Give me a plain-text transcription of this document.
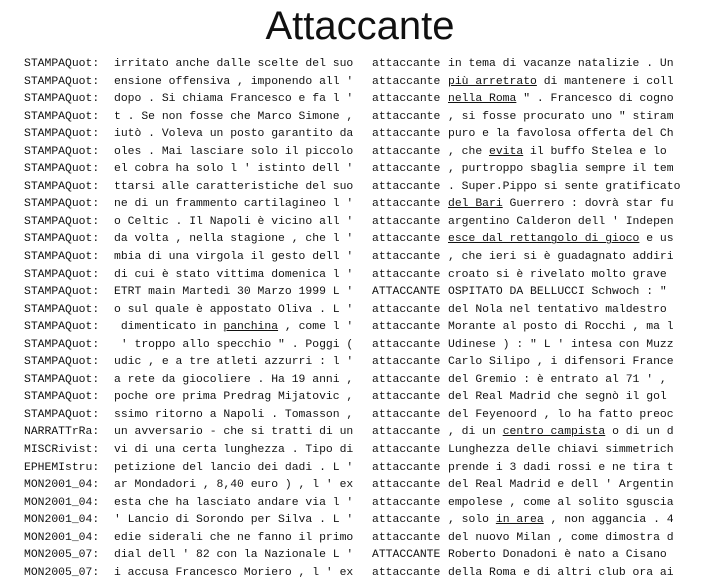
Attaccante
STAMPAQuot: irritato anche dalle scelte del suo attaccante in tema di vacanze natalizie . Un
STAMPAQuot: ensione offensiva , imponendo all ' attaccante più arretrato di mantenere i coll
STAMPAQuot: dopo . Si chiama Francesco e fa l ' attaccante nella Roma " . Francesco di cogno
STAMPAQuot: t . Se non fosse che Marco Simone , attaccante , si fosse procurato uno " stiram
STAMPAQuot: iutò . Voleva un posto garantito da attaccante puro e la favolosa offerta del Ch
STAMPAQuot: oles . Mai lasciare solo il piccolo attaccante , che evita il buffo Stelea e lo
STAMPAQuot: el cobra ha solo l ' istinto dell ' attaccante , purtroppo sbaglia sempre il tem
STAMPAQuot: ttarsi alle caratteristiche del suo attaccante . Super.Pippo si sente gratificato
STAMPAQuot: ne di un frammento cartilagineo l ' attaccante del Bari Guerrero : dovrà star fu
STAMPAQuot: o Celtic . Il Napoli è vicino all ' attaccante argentino Calderon dell ' Indepen
STAMPAQuot: da volta , nella stagione , che l ' attaccante esce dal rettangolo di gioco e us
STAMPAQuot: mbia di una virgola il gesto dell ' attaccante , che ieri si è guadagnato addiri
STAMPAQuot: di cui è stato vittima domenica l ' attaccante croato si è rivelato molto grave
STAMPAQuot: ETRT main Martedì 30 Marzo 1999 L ' ATTACCANTE OSPITATO DA BELLUCCI Schwoch : "
STAMPAQuot: o sul quale è appostato Oliva . L ' attaccante del Nola nel tentativo maldestro
STAMPAQuot: dimenticato in panchina , come l ' attaccante Morante al posto di Rocchi , ma l
STAMPAQuot: ' troppo allo specchio " . Poggi ( attaccante Udinese ) : " L ' intesa con Muzz
STAMPAQuot: udic , e a tre atleti azzurri : l ' attaccante Carlo Silipo , i difensori France
STAMPAQuot: a rete da giocoliere . Ha 19 anni , attaccante del Gremio : è entrato al 71 ' ,
STAMPAQuot: poche ore prima Predrag Mijatovic , attaccante del Real Madrid che segnò il gol
STAMPAQuot: ssimo ritorno a Napoli . Tomasson , attaccante del Feyenoord , lo ha fatto preoc
NARRATTrRa: un avversario - che si tratti di un attaccante , di un centro campista o di un d
MISCRivist: vi di una certa lunghezza . Tipo di attaccante Lunghezza delle chiavi simmetrich
EPHEMIstru: petizione del lancio dei dadi . L ' attaccante prende i 3 dadi rossi e ne tira t
MON2001_04: ar Mondadori , 8,40 euro ) , l ' ex attaccante del Real Madrid e dell ' Argentin
MON2001_04: esta che ha lasciato andare via l ' attaccante empolese , come al solito sguscia
MON2001_04: ' Lancio di Sorondo per Silva . L ' attaccante , solo in area , non aggancia . 4
MON2001_04: edie siderali che ne fanno il primo attaccante del nuovo Milan , come dimostra d
MON2005_07: dial dell ' 82 con la Nazionale L ' ATTACCANTE Roberto Donadoni è nato a Cisano
MON2005_07: i accusa Francesco Moriero , l ' ex attaccante della Roma e di altri club ora ai
